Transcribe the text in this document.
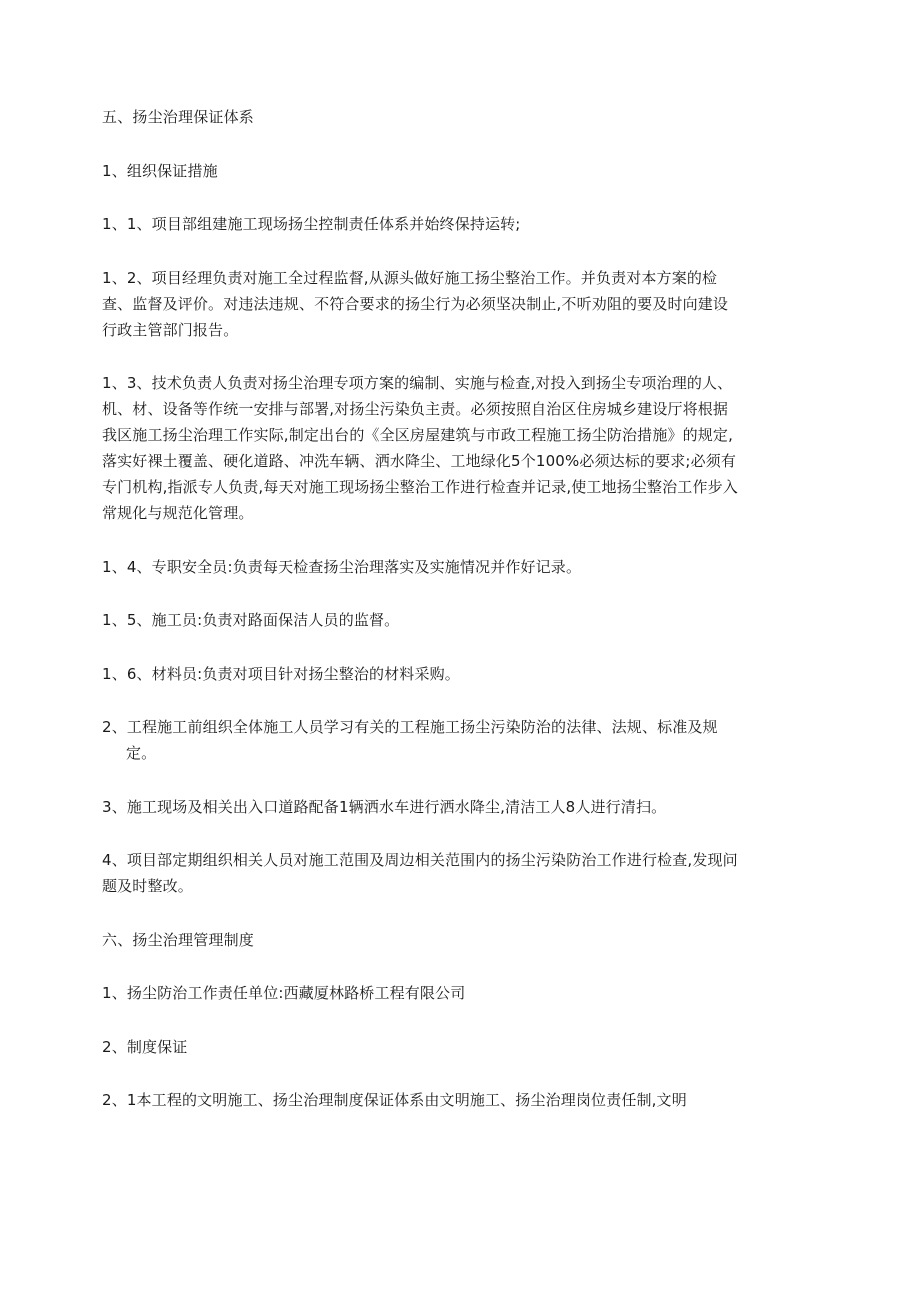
五、扬尘治理保证体系

1、组织保证措施

1、1、项目部组建施工现场扬尘控制责任体系并始终保持运转;

1、2、项目经理负责对施工全过程监督,从源头做好施工扬尘整治工作。并负责对本方案的检查、监督及评价。对违法违规、不符合要求的扬尘行为必须坚决制止,不听劝阻的要及时向建设行政主管部门报告。

1、3、技术负责人负责对扬尘治理专项方案的编制、实施与检查,对投入到扬尘专项治理的人、机、材、设备等作统一安排与部署,对扬尘污染负主责。必须按照自治区住房城乡建设厅将根据我区施工扬尘治理工作实际,制定出台的《全区房屋建筑与市政工程施工扬尘防治措施》的规定,落实好裸土覆盖、硬化道路、冲洗车辆、洒水降尘、工地绿化5个100%必须达标的要求;必须有专门机构,指派专人负责,每天对施工现场扬尘整治工作进行检查并记录,使工地扬尘整治工作步入常规化与规范化管理。

1、4、专职安全员:负责每天检查扬尘治理落实及实施情况并作好记录。

1、5、施工员:负责对路面保洁人员的监督。

1、6、材料员:负责对项目针对扬尘整治的材料采购。

2、工程施工前组织全体施工人员学习有关的工程施工扬尘污染防治的法律、法规、标准及规定。

3、施工现场及相关出入口道路配备1辆洒水车进行洒水降尘,清洁工人8人进行清扫。

4、项目部定期组织相关人员对施工范围及周边相关范围内的扬尘污染防治工作进行检查,发现问题及时整改。

六、扬尘治理管理制度

1、扬尘防治工作责任单位:西藏厦林路桥工程有限公司

2、制度保证

2、1本工程的文明施工、扬尘治理制度保证体系由文明施工、扬尘治理岗位责任制,文明
